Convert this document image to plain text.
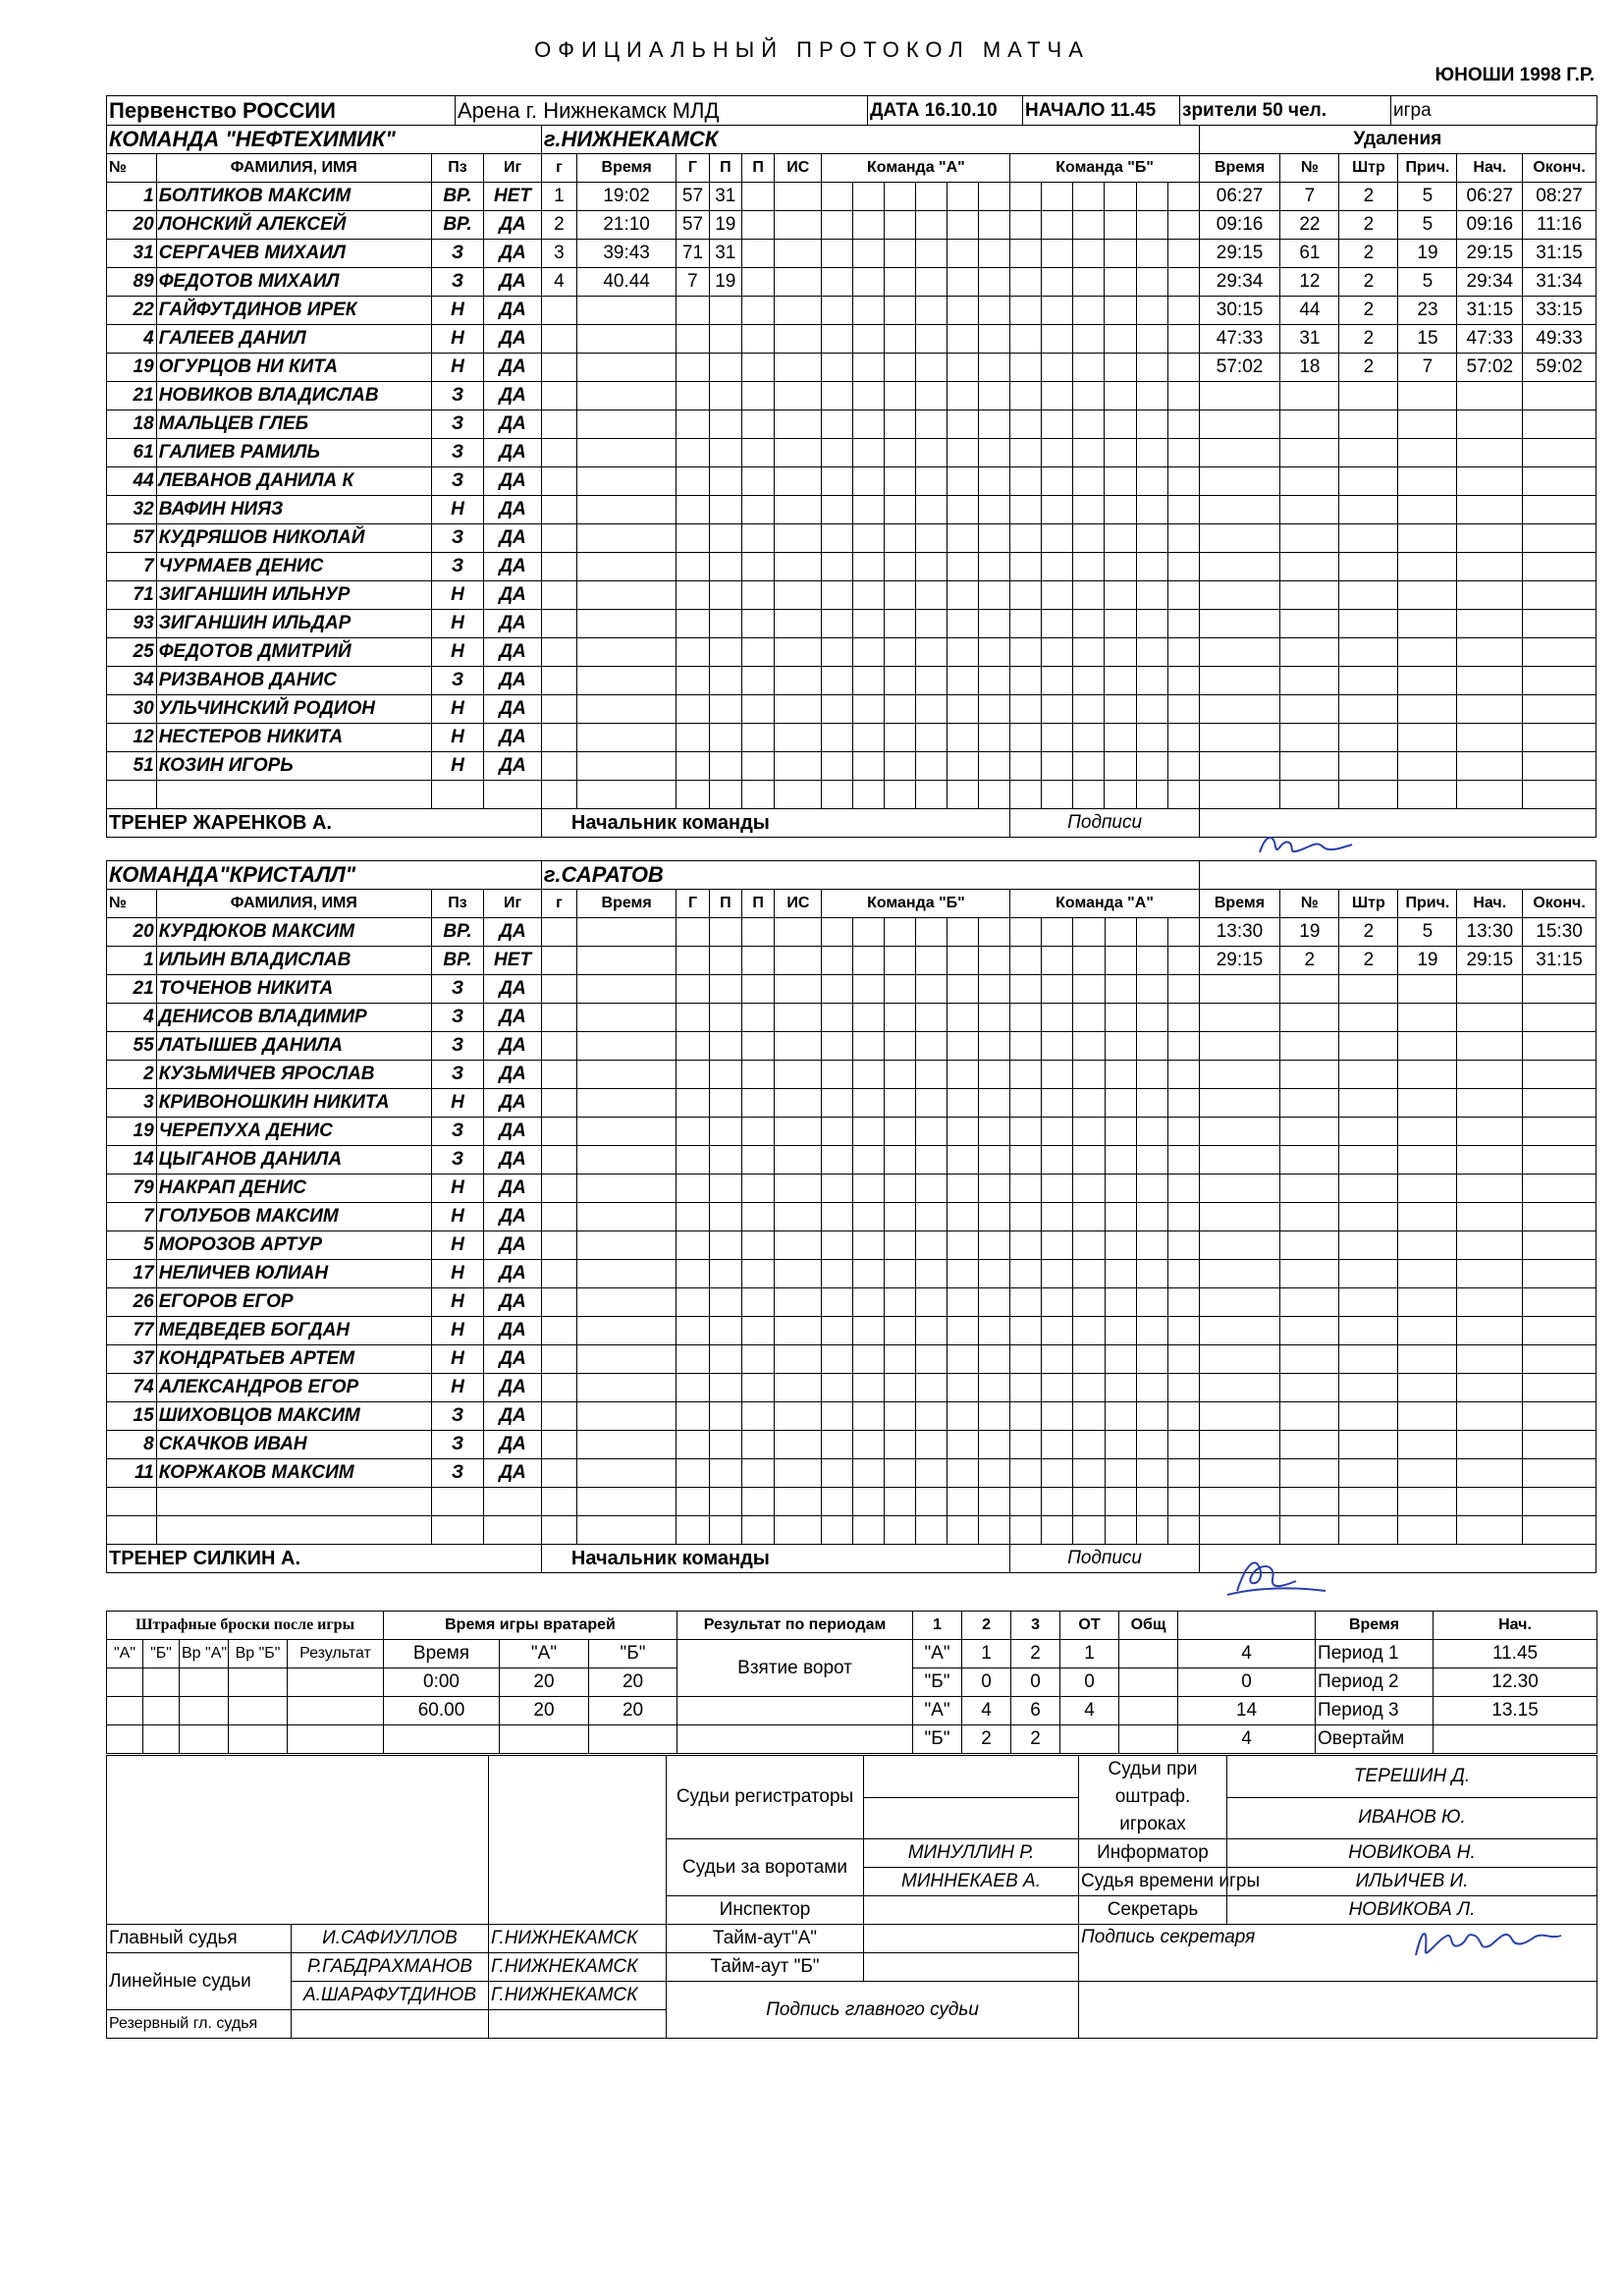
ОФИЦИАЛЬНЫЙ ПРОТОКОЛ МАТЧА
ЮНОШИ 1998 Г.Р.
Первенство РОССИИ	Арена г. Нижнекамск МЛД	ДАТА 16.10.10	НАЧАЛО 11.45	зрители 50 чел.	игра
КОМАНДА "НЕФТЕХИМИК"				г.НИЖНЕКАМСК																		Удаления					
№	ФАМИЛИЯ, ИМЯ	Пз	Иг	г	Время	Г	П	П	ИС	Команда "А"						Команда "Б"						Время	№	Штр	Прич.	Нач.	Оконч.
1	БОЛТИКОВ МАКСИМ	ВР.	НЕТ	1	19:02	57	31															06:27	7	2	5	06:27	08:27
20	ЛОНСКИЙ АЛЕКСЕЙ	ВР.	ДА	2	21:10	57	19															09:16	22	2	5	09:16	11:16
31	СЕРГАЧЕВ МИХАИЛ	З	ДА	3	39:43	71	31															29:15	61	2	19	29:15	31:15
89	ФЕДОТОВ МИХАИЛ	З	ДА	4	40.44	7	19															29:34	12	2	5	29:34	31:34
22	ГАЙФУТДИНОВ ИРЕК	Н	ДА																			30:15	44	2	23	31:15	33:15
4	ГАЛЕЕВ ДАНИЛ	Н	ДА																			47:33	31	2	15	47:33	49:33
19	ОГУРЦОВ НИ КИТА	Н	ДА																			57:02	18	2	7	57:02	59:02
21	НОВИКОВ ВЛАДИСЛАВ	З	ДА																								
18	МАЛЬЦЕВ ГЛЕБ	З	ДА																								
61	ГАЛИЕВ РАМИЛЬ	З	ДА																								
44	ЛЕВАНОВ ДАНИЛА К	З	ДА																								
32	ВАФИН НИЯЗ	Н	ДА																								
57	КУДРЯШОВ НИКОЛАЙ	З	ДА																								
7	ЧУРМАЕВ ДЕНИС	З	ДА																								
71	ЗИГАНШИН ИЛЬНУР	Н	ДА																								
93	ЗИГАНШИН ИЛЬДАР	Н	ДА																								
25	ФЕДОТОВ ДМИТРИЙ	Н	ДА																								
34	РИЗВАНОВ ДАНИС	З	ДА																								
30	УЛЬЧИНСКИЙ РОДИОН	Н	ДА																								
12	НЕСТЕРОВ НИКИТА	Н	ДА																								
51	КОЗИН ИГОРЬ	Н	ДА																								

ТРЕНЕР ЖАРЕНКОВ А.				Начальник команды												Подписи											
КОМАНДА"КРИСТАЛЛ"				г.САРАТОВ																							
№	ФАМИЛИЯ, ИМЯ	Пз	Иг	г	Время	Г	П	П	ИС	Команда "Б"						Команда "А"						Время	№	Штр	Прич.	Нач.	Оконч.
20	КУРДЮКОВ МАКСИМ	ВР.	ДА																			13:30	19	2	5	13:30	15:30
1	ИЛЬИН ВЛАДИСЛАВ	ВР.	НЕТ																			29:15	2	2	19	29:15	31:15
21	ТОЧЕНОВ НИКИТА	З	ДА																								
4	ДЕНИСОВ ВЛАДИМИР	З	ДА																								
55	ЛАТЫШЕВ ДАНИЛА	З	ДА																								
2	КУЗЬМИЧЕВ ЯРОСЛАВ	З	ДА																								
3	КРИВОНОШКИН НИКИТА	Н	ДА																								
19	ЧЕРЕПУХА ДЕНИС	З	ДА																								
14	ЦЫГАНОВ ДАНИЛА	З	ДА																								
79	НАКРАП ДЕНИС	Н	ДА																								
7	ГОЛУБОВ МАКСИМ	Н	ДА																								
5	МОРОЗОВ АРТУР	Н	ДА																								
17	НЕЛИЧЕВ ЮЛИАН	Н	ДА																								
26	ЕГОРОВ ЕГОР	Н	ДА																								
77	МЕДВЕДЕВ БОГДАН	Н	ДА																								
37	КОНДРАТЬЕВ АРТЕМ	Н	ДА																								
74	АЛЕКСАНДРОВ ЕГОР	Н	ДА																								
15	ШИХОВЦОВ МАКСИМ	З	ДА																								
8	СКАЧКОВ ИВАН	З	ДА																								
11	КОРЖАКОВ МАКСИМ	З	ДА																								

ТРЕНЕР СИЛКИН А.				Начальник команды												Подписи											
Штрафные броски после игры					Время игры вратарей			Результат по периодам	1	2	3	ОТ	Общ		Время	Нач.	
"А"	"Б"	Вр "А"	Вр "Б"	Результат	Время	"А"	"Б"	Взятие ворот	"А"	1	2	1		4	Период 1	11.45	
					0:00	20	20		"Б"	0	0	0		0	Период 2	12.30	
					60.00	20	20		"А"	4	6	4		14	Период 3	13.15	
									"Б"	2	2			4	Овертайм		
			Судьи регистраторы		Судьи при оштраф. игроках	ТЕРЕШИН Д.
						ИВАНОВ Ю.
			Судьи за воротами	МИНУЛЛИН Р.	Информатор	НОВИКОВА Н.
				МИННЕКАЕВ А.	Судья времени игры	ИЛЬИЧЕВ И.
			Инспектор		Секретарь	НОВИКОВА Л.
Главный судья	И.САФИУЛЛОВ	Г.НИЖНЕКАМСК	Тайм-аут"А"		Подпись секретаря	
Линейные судьи	Р.ГАБДРАХМАНОВ	Г.НИЖНЕКАМСК	Тайм-аут "Б"			
	А.ШАРАФУТДИНОВ	Г.НИЖНЕКАМСК	Подпись главного судьи			
Резервный гл. судья						
